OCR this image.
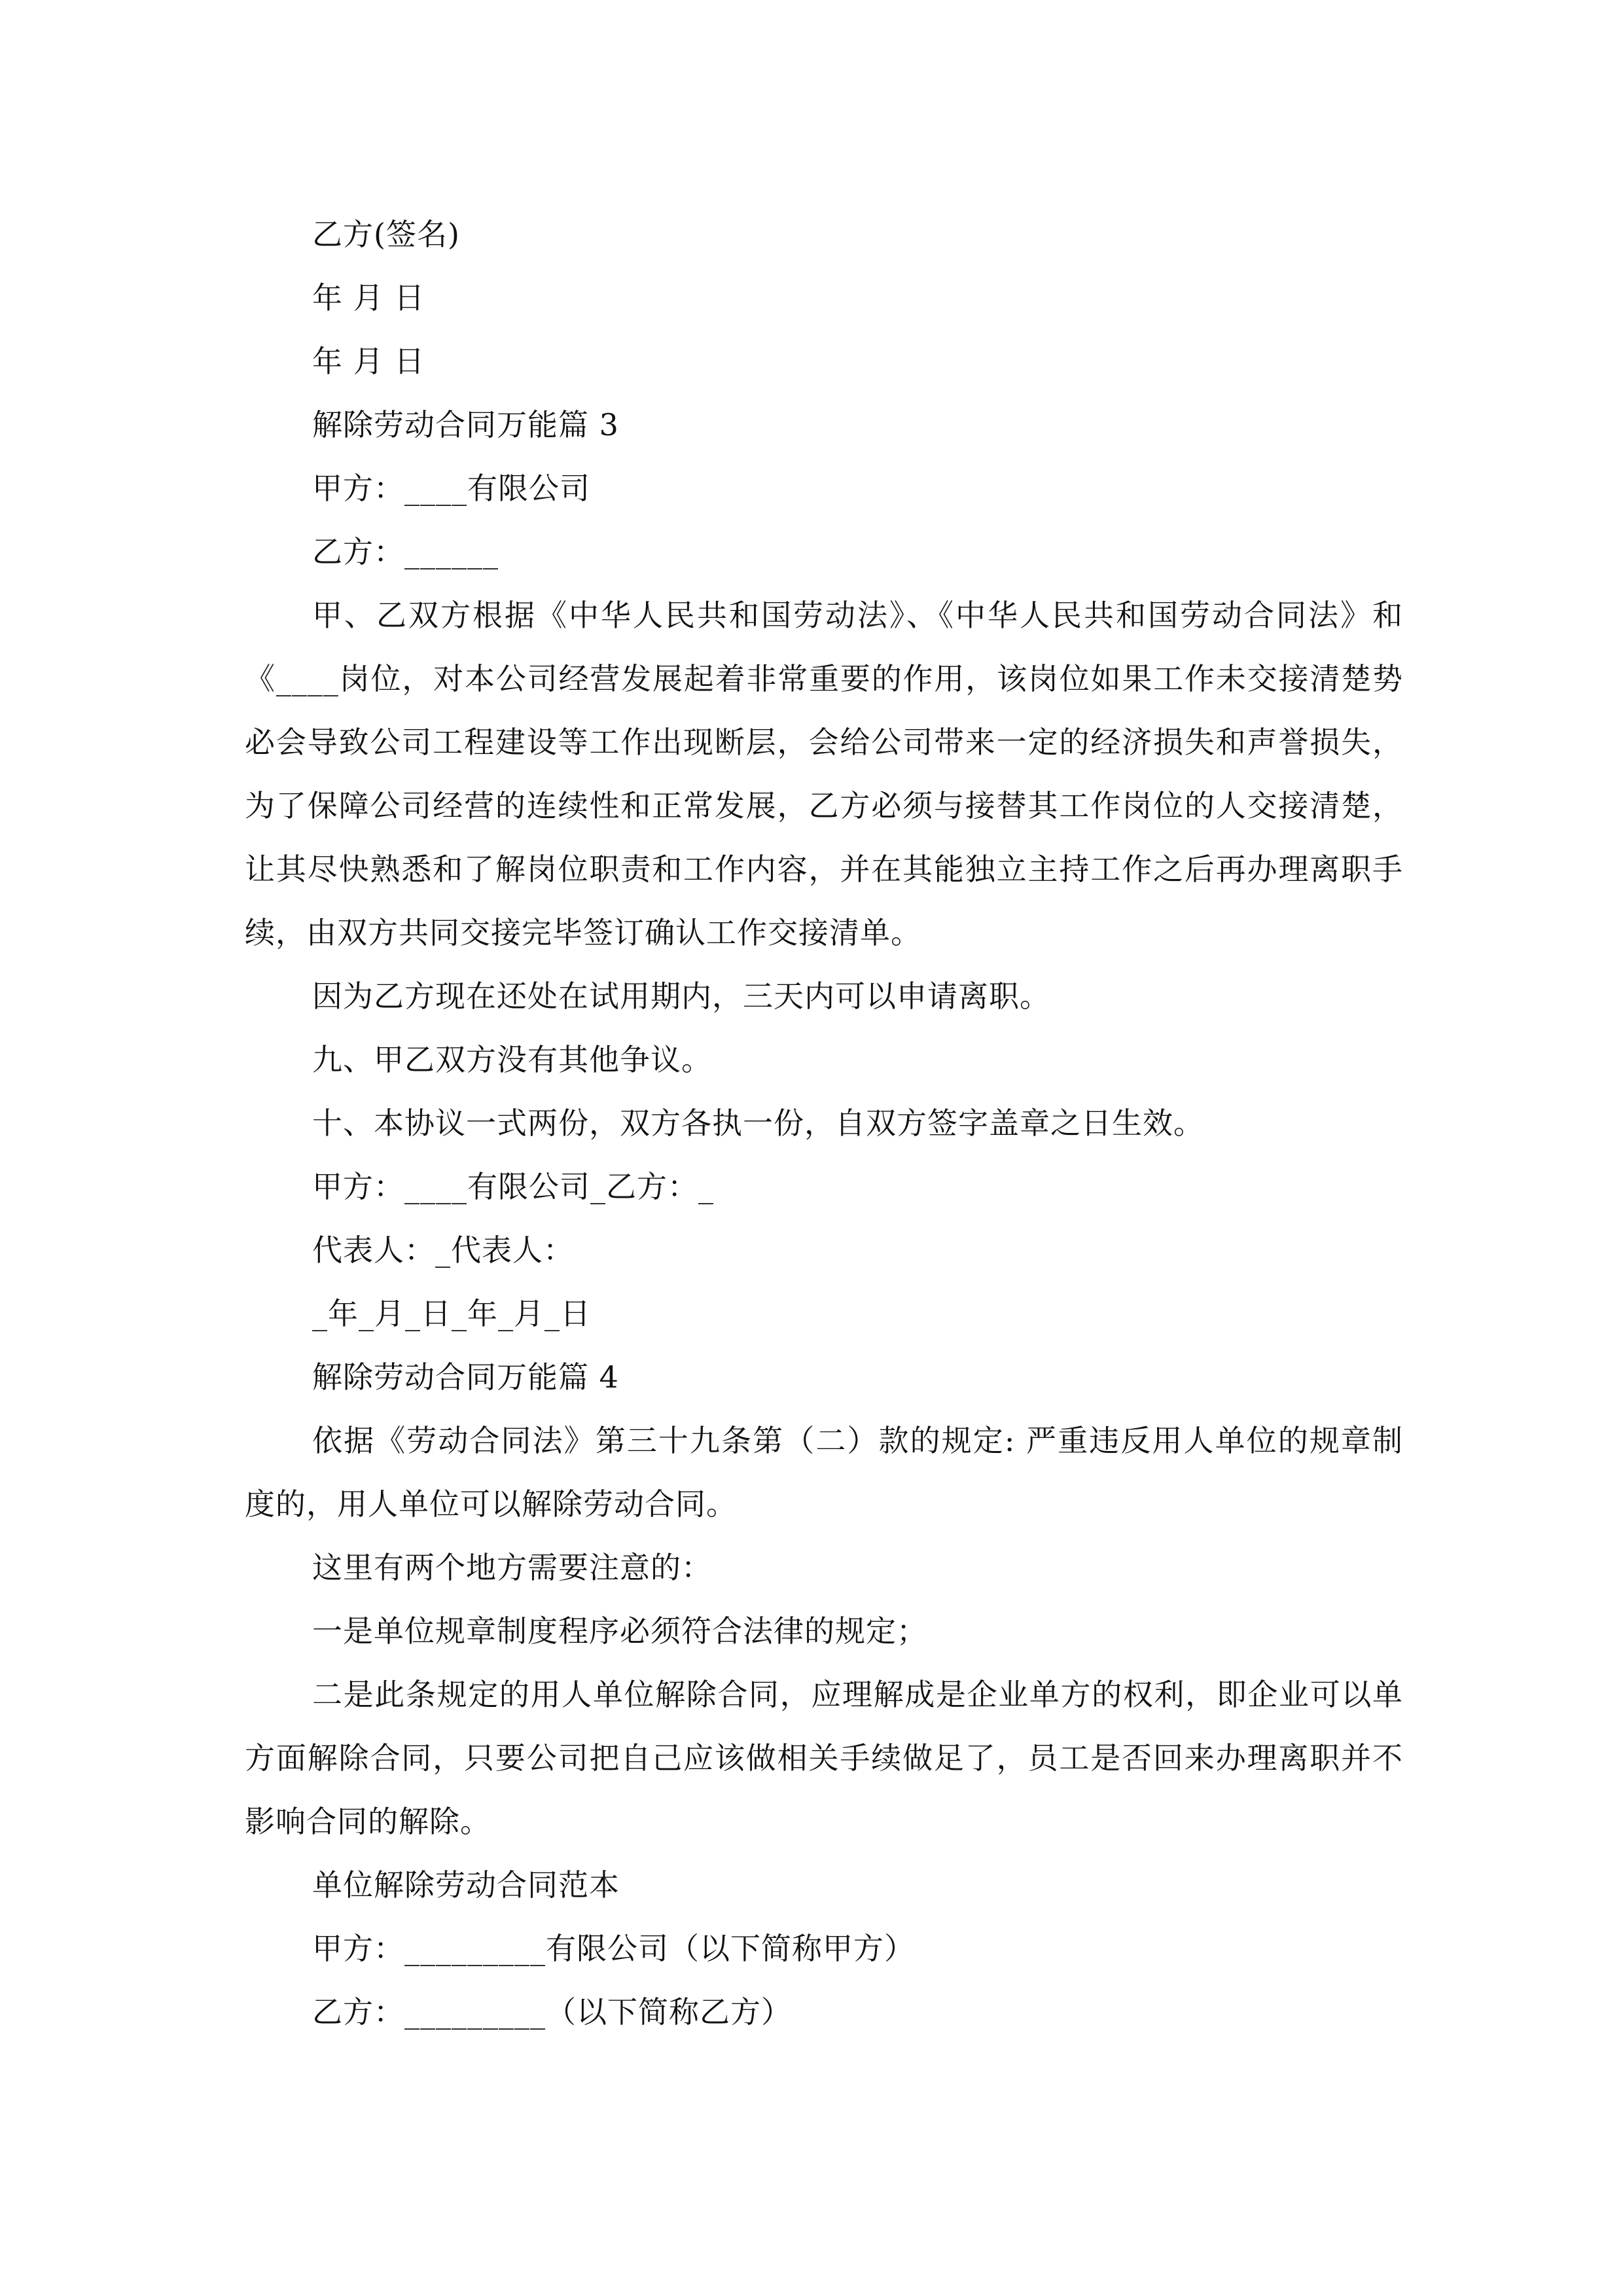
乙方(签名)
年 月 日
年 月 日
解除劳动合同万能篇 3
甲方：____有限公司
乙方：______

甲、乙双方根据《中华人民共和国劳动法》、《中华人民共和国劳动合同法》和《____岗位，对本公司经营发展起着非常重要的作用，该岗位如果工作未交接清楚势必会导致公司工程建设等工作出现断层，会给公司带来一定的经济损失和声誉损失，为了保障公司经营的连续性和正常发展，乙方必须与接替其工作岗位的人交接清楚，让其尽快熟悉和了解岗位职责和工作内容，并在其能独立主持工作之后再办理离职手续，由双方共同交接完毕签订确认工作交接清单。

因为乙方现在还处在试用期内，三天内可以申请离职。
九、甲乙双方没有其他争议。
十、本协议一式两份，双方各执一份，自双方签字盖章之日生效。
甲方：____有限公司_乙方：_
代表人：_代表人：
_年_月_日_年_月_日
解除劳动合同万能篇 4

依据《劳动合同法》第三十九条第（二）款的规定: 严重违反用人单位的规章制度的，用人单位可以解除劳动合同。

这里有两个地方需要注意的：
一是单位规章制度程序必须符合法律的规定；

二是此条规定的用人单位解除合同，应理解成是企业单方的权利，即企业可以单方面解除合同，只要公司把自己应该做相关手续做足了，员工是否回来办理离职并不影响合同的解除。

单位解除劳动合同范本
甲方：_________有限公司（以下简称甲方）
乙方：_________（以下简称乙方）
